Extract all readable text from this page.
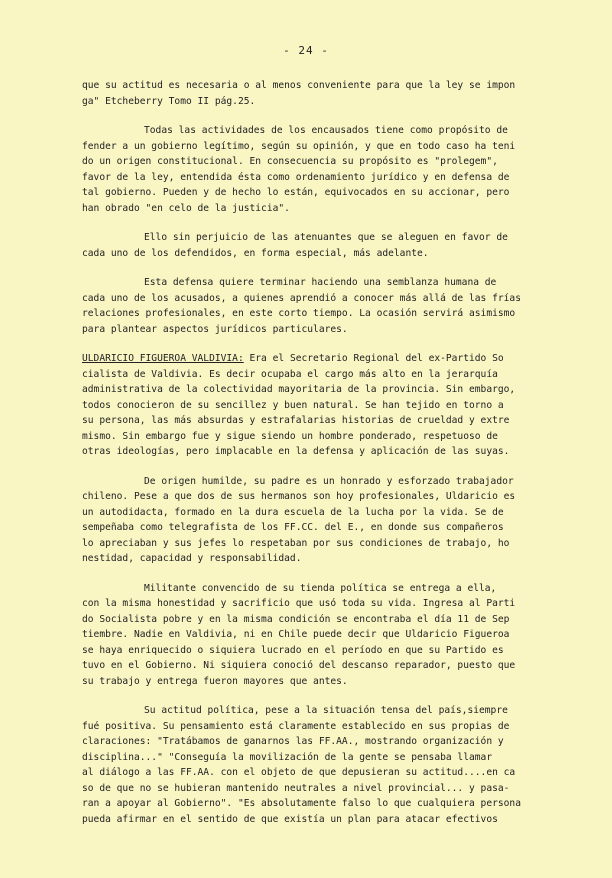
- 24 -
que su actitud es necesaria o al menos conveniente para que la ley se impon
ga" Etcheberry Tomo II pág.25.
Todas las actividades de los encausados tiene como propósito de
fender a un gobierno legítimo, según su opinión, y que en todo caso ha teni
do un origen constitucional. En consecuencia su propósito es "prolegem",
favor de la ley, entendida ésta como ordenamiento jurídico y en defensa de
tal gobierno. Pueden y de hecho lo están, equivocados en su accionar, pero
han obrado "en celo de la justicia".
Ello sin perjuicio de las atenuantes que se aleguen en favor de
cada uno de los defendidos, en forma especial, más adelante.
Esta defensa quiere terminar haciendo una semblanza humana de
cada uno de los acusados, a quienes aprendió a conocer más allá de las frías
relaciones profesionales, en este corto tiempo. La ocasión servirá asimismo
para plantear aspectos jurídicos particulares.
ULDARICIO FIGUEROA VALDIVIA: Era el Secretario Regional del ex-Partido So
cialista de Valdivia. Es decir ocupaba el cargo más alto en la jerarquía
administrativa de la colectividad mayoritaria de la provincia. Sin embargo,
todos conocieron de su sencillez y buen natural. Se han tejido en torno a
su persona, las más absurdas y estrafalarias historias de crueldad y extre
mismo. Sin embargo fue y sigue siendo un hombre ponderado, respetuoso de
otras ideologías, pero implacable en la defensa y aplicación de las suyas.
De origen humilde, su padre es un honrado y esforzado trabajador
chileno. Pese a que dos de sus hermanos son hoy profesionales, Uldaricio es
un autodidacta, formado en la dura escuela de la lucha por la vida. Se de
sempeñaba como telegrafista de los FF.CC. del E., en donde sus compañeros
lo apreciaban y sus jefes lo respetaban por sus condiciones de trabajo, ho
nestidad, capacidad y responsabilidad.
Militante convencido de su tienda política se entrega a ella,
con la misma honestidad y sacrificio que usó toda su vida. Ingresa al Parti
do Socialista pobre y en la misma condición se encontraba el día 11 de Sep
tiembre. Nadie en Valdivia, ni en Chile puede decir que Uldaricio Figueroa
se haya enriquecido o siquiera lucrado en el período en que su Partido es
tuvo en el Gobierno. Ni siquiera conoció del descanso reparador, puesto que
su trabajo y entrega fueron mayores que antes.
Su actitud política, pese a la situación tensa del país,siempre
fué positiva. Su pensamiento está claramente establecido en sus propias de
claraciones: "Tratábamos de ganarnos las FF.AA., mostrando organización y
disciplina..." "Conseguía la movilización de la gente se pensaba llamar
al diálogo a las FF.AA. con el objeto de que depusieran su actitud....en ca
so de que no se hubieran mantenido neutrales a nivel provincial... y pasa-
ran a apoyar al Gobierno". "Es absolutamente falso lo que cualquiera persona
pueda afirmar en el sentido de que existía un plan para atacar efectivos
